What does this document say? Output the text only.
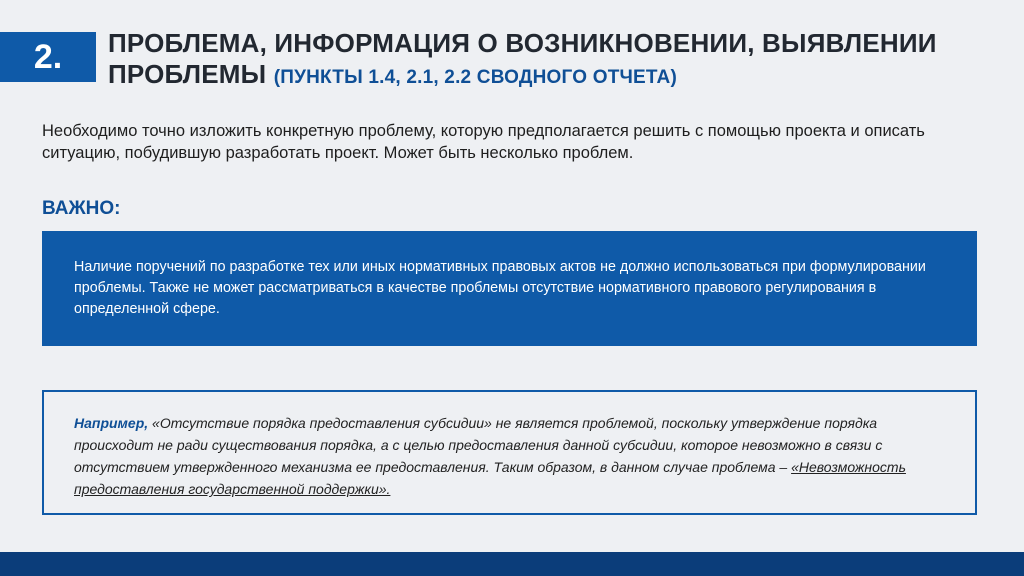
2. ПРОБЛЕМА, ИНФОРМАЦИЯ О ВОЗНИКНОВЕНИИ, ВЫЯВЛЕНИИ ПРОБЛЕМЫ (ПУНКТЫ 1.4, 2.1, 2.2 СВОДНОГО ОТЧЕТА)
Необходимо точно изложить конкретную проблему, которую предполагается решить с помощью проекта и описать ситуацию, побудившую разработать проект. Может быть несколько проблем.
ВАЖНО:
Наличие поручений по разработке тех или иных нормативных правовых актов не должно использоваться при формулировании проблемы. Также не может рассматриваться в качестве проблемы отсутствие нормативного правового регулирования в определенной сфере.
Например, «Отсутствие порядка предоставления субсидии» не является проблемой, поскольку утверждение порядка происходит не ради существования порядка, а с целью предоставления данной субсидии, которое невозможно в связи с отсутствием утвержденного механизма ее предоставления. Таким образом, в данном случае проблема – «Невозможность предоставления государственной поддержки».
